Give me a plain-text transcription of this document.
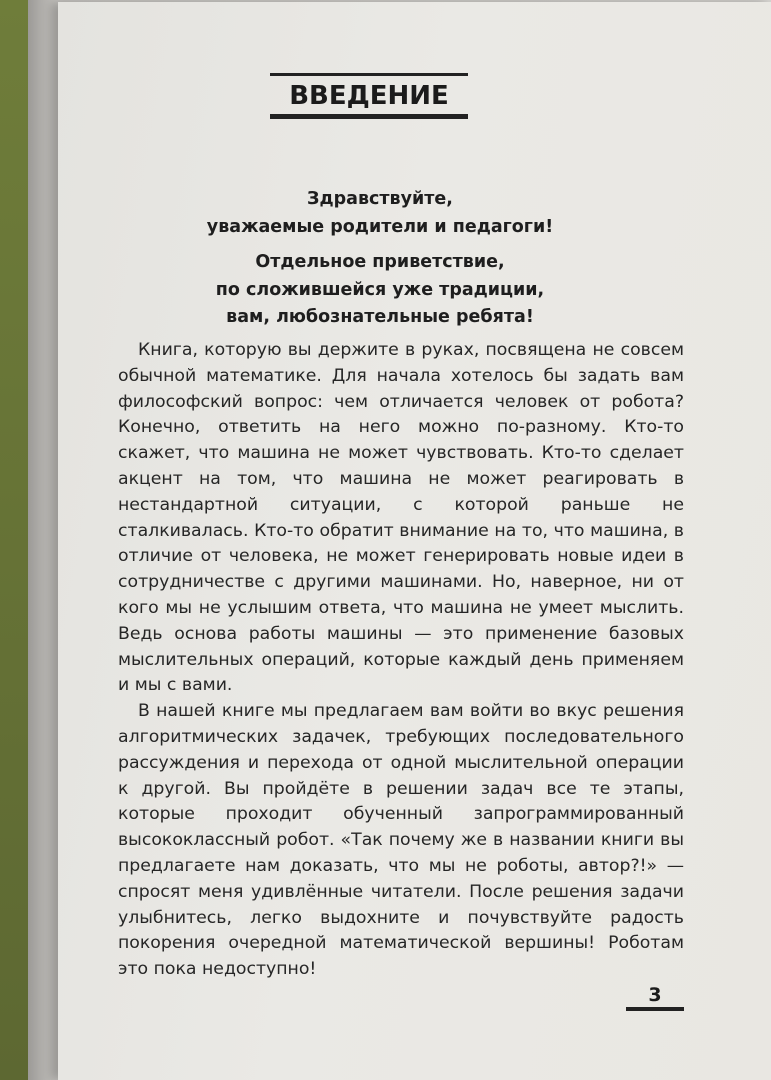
ВВЕДЕНИЕ
Здравствуйте,
уважаемые родители и педагоги!
Отдельное приветствие,
по сложившейся уже традиции,
вам, любознательные ребята!

Книга, которую вы держите в руках, посвящена не совсем обычной математике. Для начала хотелось бы задать вам философский вопрос: чем отличается человек от робота? Конечно, ответить на него можно по-разному. Кто-то скажет, что машина не может чувствовать. Кто-то сделает акцент на том, что машина не может реагировать в нестандартной ситуации, с которой раньше не сталкивалась. Кто-то обратит внимание на то, что машина, в отличие от человека, не может генерировать новые идеи в сотрудничестве с другими машинами. Но, наверное, ни от кого мы не услышим ответа, что машина не умеет мыслить. Ведь основа работы машины — это применение базовых мыслительных операций, которые каждый день применяем и мы с вами.

В нашей книге мы предлагаем вам войти во вкус решения алгоритмических задачек, требующих последовательного рассуждения и перехода от одной мыслительной операции к другой. Вы пройдёте в решении задач все те этапы, которые проходит обученный запрограммированный высококлассный робот. «Так почему же в названии книги вы предлагаете нам доказать, что мы не роботы, автор?!» — спросят меня удивлённые читатели. После решения задачи улыбнитесь, легко выдохните и почувствуйте радость покорения очередной математической вершины! Роботам это пока недоступно!

3
